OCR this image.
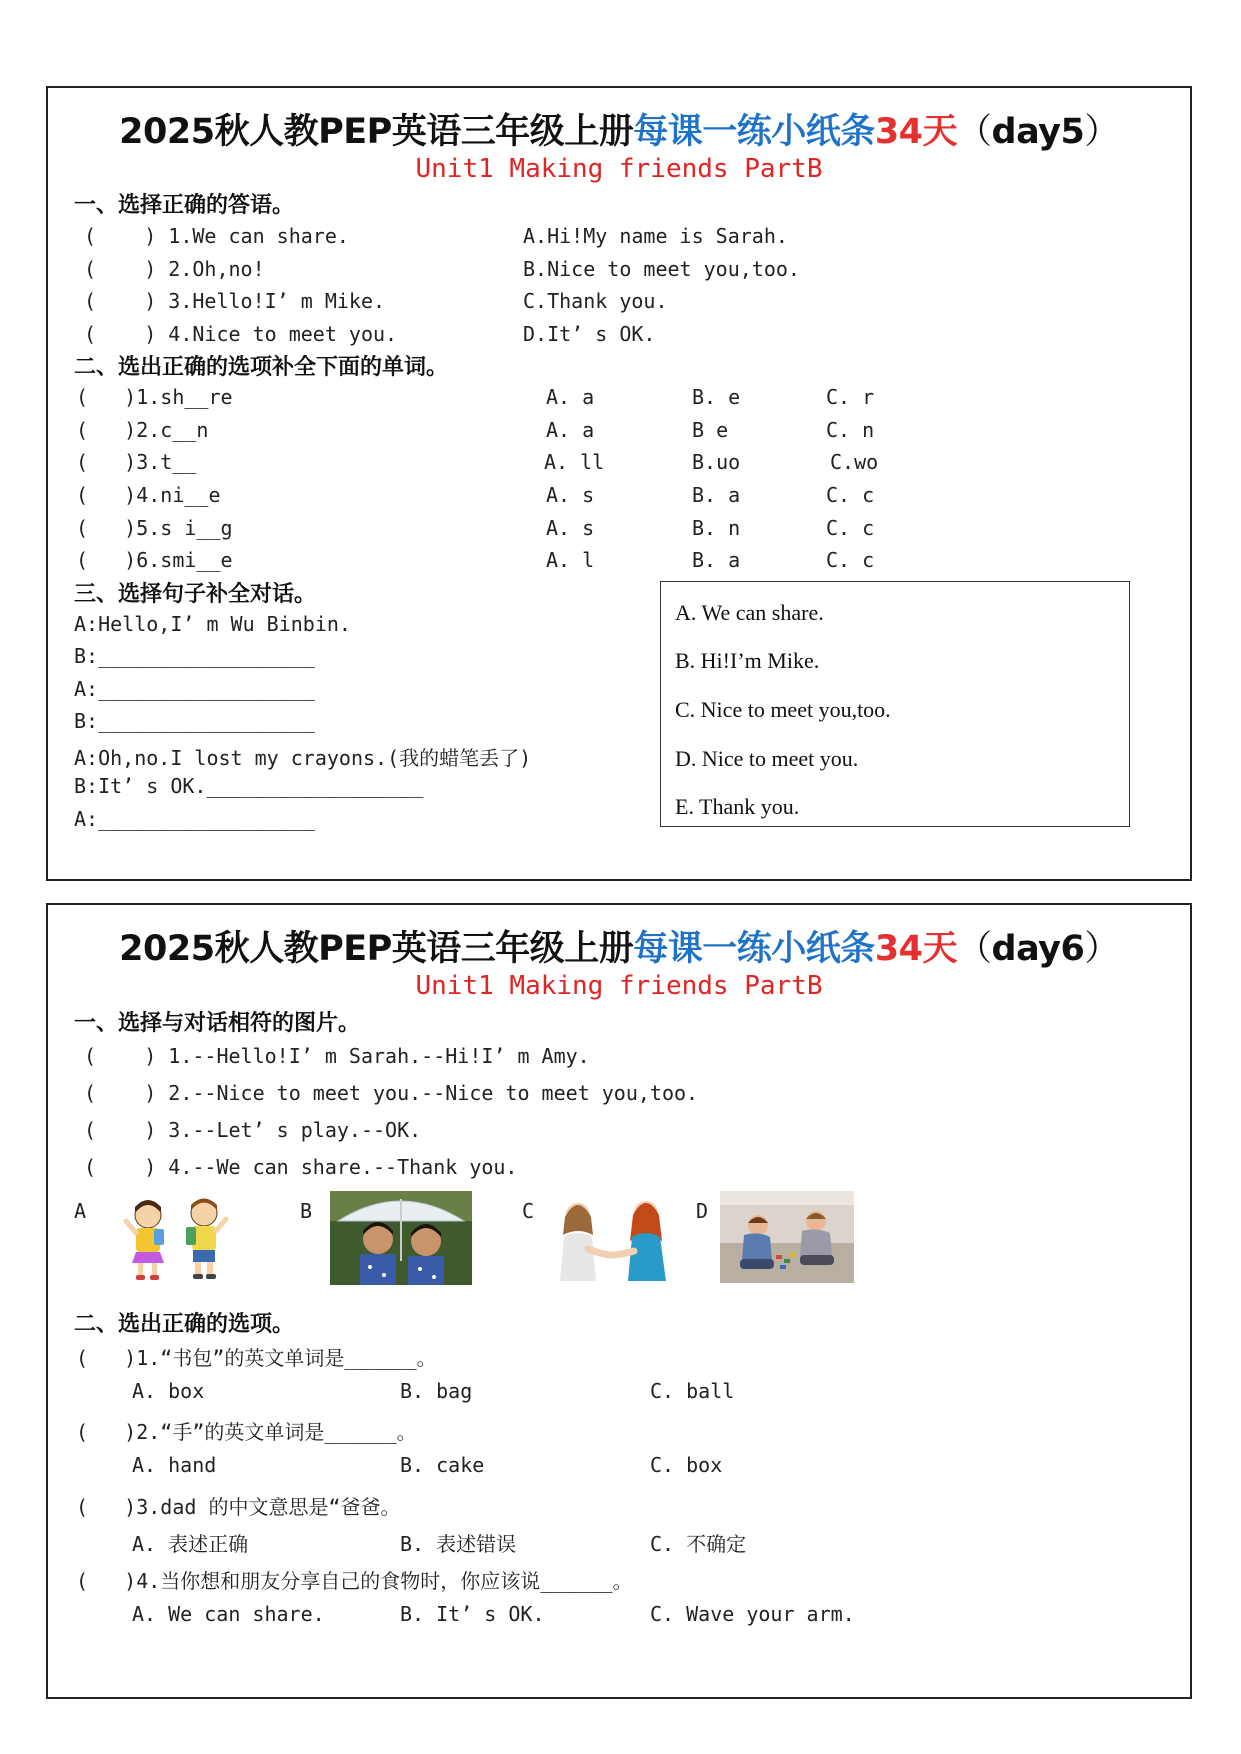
2025秋人教PEP英语三年级上册每课一练小纸条34天（day5）
Unit1 Making friends PartB
一、选择正确的答语。
(    ) 1.We can share.	A.Hi!My name is Sarah.
(    ) 2.Oh,no!	B.Nice to meet you,too.
(    ) 3.Hello!I’ m Mike.	C.Thank you.
(    ) 4.Nice to meet you.	D.It’ s OK.
二、选出正确的选项补全下面的单词。
(   )1.sh__re	A. a	B. e	C. r
(   )2.c__n	A. a	B e	C. n
(   )3.t__	A. ll	B.uo	C.wo
(   )4.ni__e	A. s	B. a	C. c
(   )5.s i__g	A. s	B. n	C. c
(   )6.smi__e	A. l	B. a	C. c
三、选择句子补全对话。
A:Hello,I’ m Wu Binbin.
B:__________________
A:__________________
B:__________________
A:Oh,no.I lost my crayons.(我的蜡笔丢了)
B:It’ s OK.__________________
A:__________________
A. We can share.
B. Hi!I’m Mike.
C. Nice to meet you,too.
D. Nice to meet you.
E. Thank you.
2025秋人教PEP英语三年级上册每课一练小纸条34天（day6）
Unit1 Making friends PartB
一、选择与对话相符的图片。
(    ) 1.--Hello!I’ m Sarah.--Hi!I’ m Amy.
(    ) 2.--Nice to meet you.--Nice to meet you,too.
(    ) 3.--Let’ s play.--OK.
(    ) 4.--We can share.--Thank you.
A	B	C	D
二、选出正确的选项。
(   )1.“书包”的英文单词是______。
A. box	B. bag	C. ball
(   )2.“手”的英文单词是______。
A. hand	B. cake	C. box
(   )3.dad 的中文意思是“爸爸。
A. 表述正确	B. 表述错误	C. 不确定
(   )4.当你想和朋友分享自己的食物时，你应该说______。
A. We can share.	B. It’ s OK.	C. Wave your arm.
